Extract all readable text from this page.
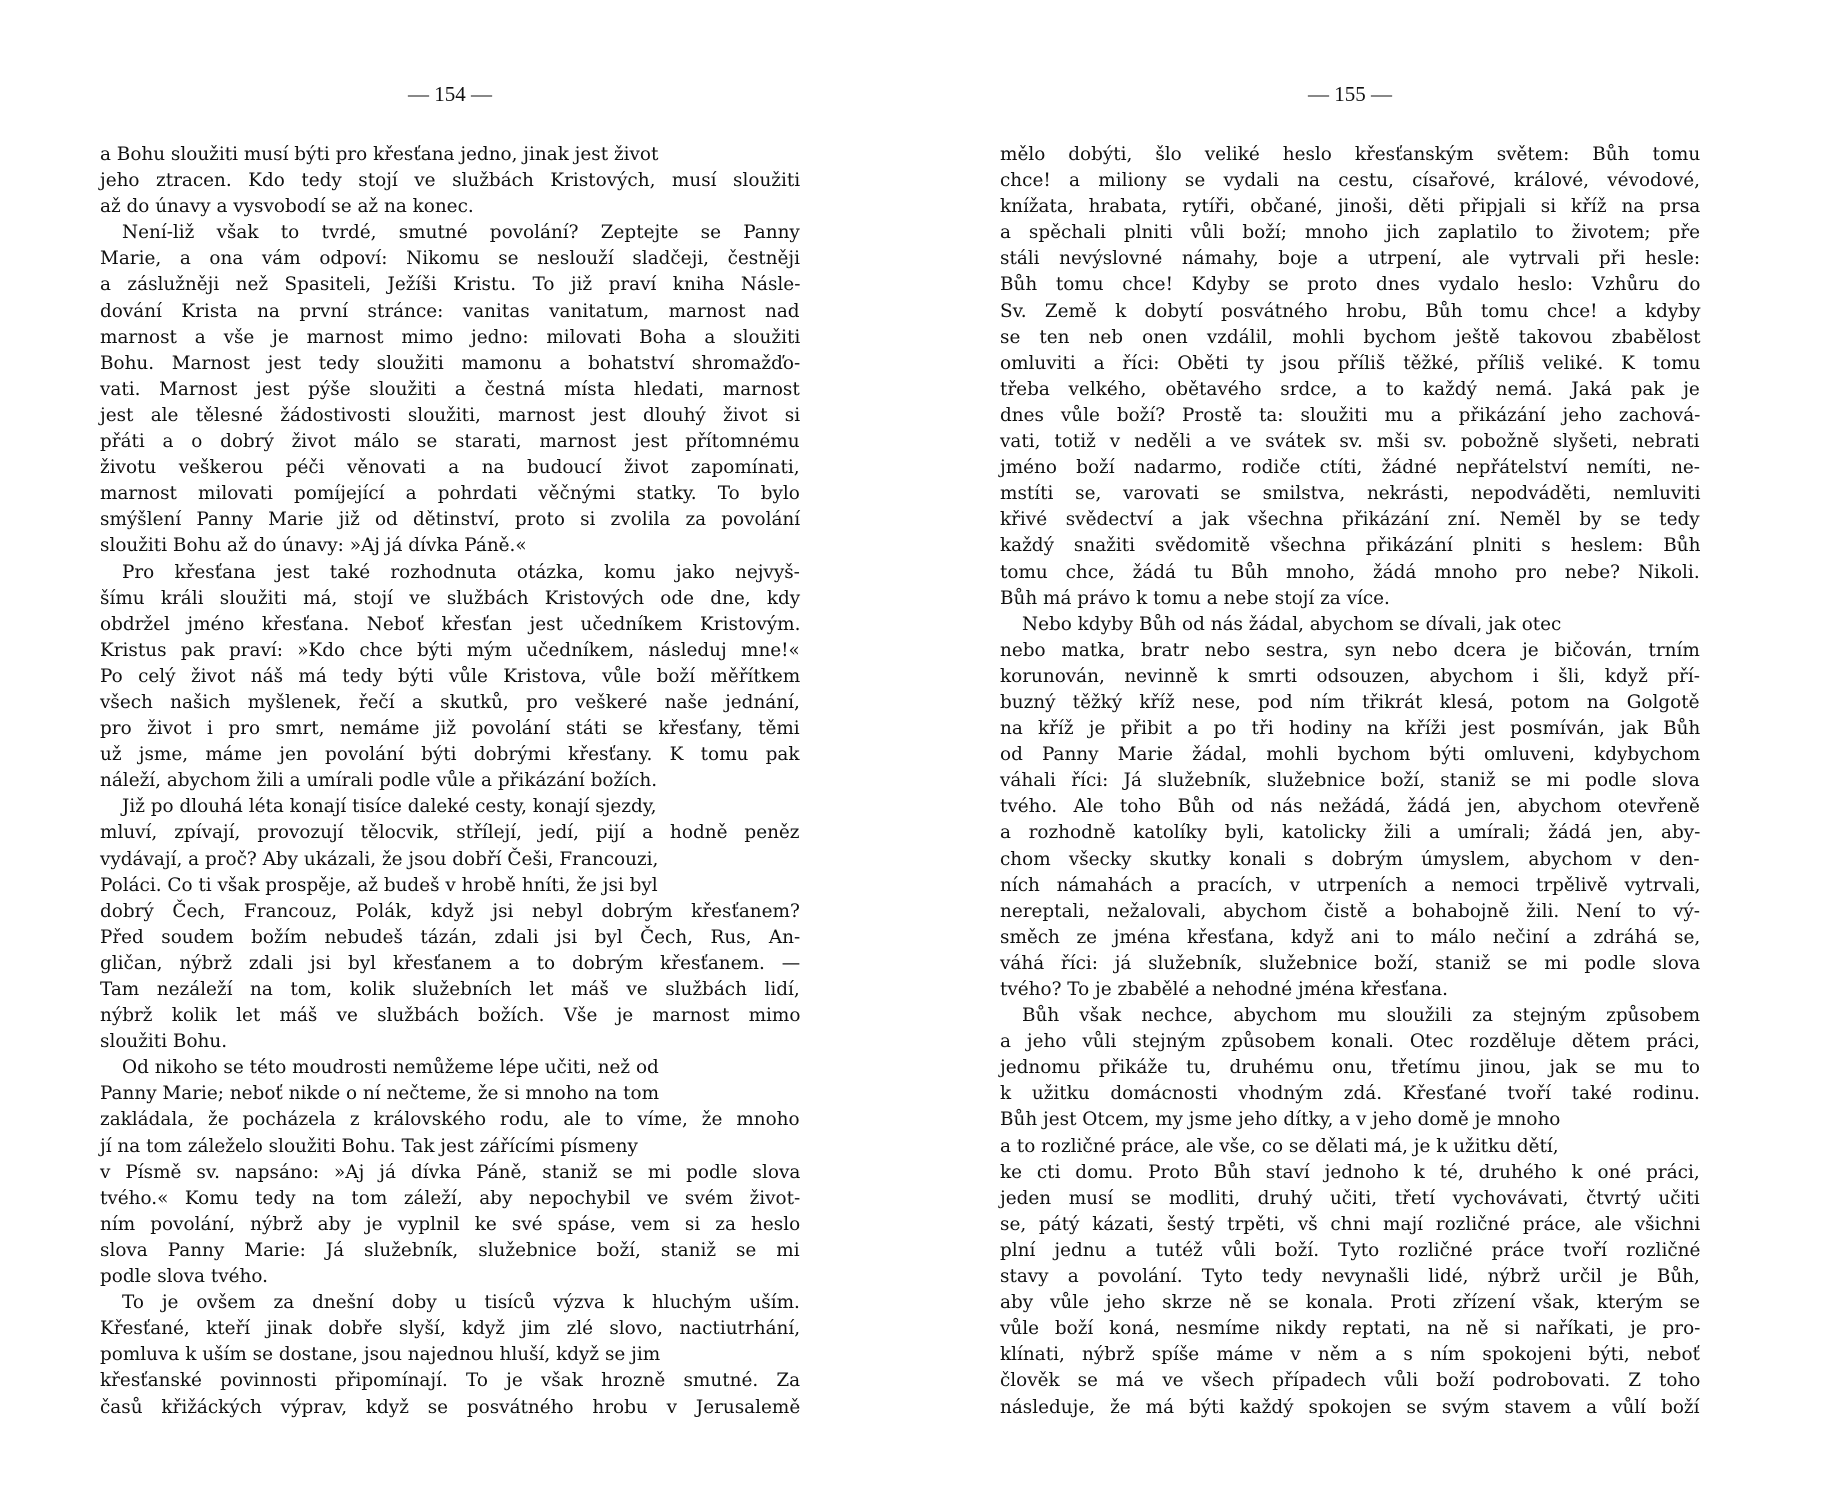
— 154 —
a Bohu sloužiti musí býti pro křesťana jedno, jinak jest život
jeho ztracen. Kdo tedy stojí ve službách Kristových, musí sloužiti
až do únavy a vysvobodí se až na konec.
Není-liž však to tvrdé, smutné povolání? Zeptejte se Panny
Marie, a ona vám odpoví: Nikomu se neslouží sladčeji, čestněji
a záslužněji než Spasiteli, Ježíši Kristu. To již praví kniha Násle-
dování Krista na první stránce: vanitas vanitatum, marnost nad
marnost a vše je marnost mimo jedno: milovati Boha a sloužiti
Bohu. Marnost jest tedy sloužiti mamonu a bohatství shromažďo-
vati. Marnost jest pýše sloužiti a čestná místa hledati, marnost
jest ale tělesné žádostivosti sloužiti, marnost jest dlouhý život si
přáti a o dobrý život málo se starati, marnost jest přítomnému
životu veškerou péči věnovati a na budoucí život zapomínati,
marnost milovati pomíjející a pohrdati věčnými statky. To bylo
smýšlení Panny Marie již od dětinství, proto si zvolila za povolání
sloužiti Bohu až do únavy: »Aj já dívka Páně.«
Pro křesťana jest také rozhodnuta otázka, komu jako nejvyš-
šímu králi sloužiti má, stojí ve službách Kristových ode dne, kdy
obdržel jméno křesťana. Neboť křesťan jest učedníkem Kristovým.
Kristus pak praví: »Kdo chce býti mým učedníkem, následuj mne!«
Po celý život náš má tedy býti vůle Kristova, vůle boží měřítkem
všech našich myšlenek, řečí a skutků, pro veškeré naše jednání,
pro život i pro smrt, nemáme již povolání státi se křesťany, těmi
už jsme, máme jen povolání býti dobrými křesťany. K tomu pak
náleží, abychom žili a umírali podle vůle a přikázání božích.
Již po dlouhá léta konají tisíce daleké cesty, konají sjezdy,
mluví, zpívají, provozují tělocvik, střílejí, jedí, pijí a hodně peněz
vydávají, a proč? Aby ukázali, že jsou dobří Češi, Francouzi,
Poláci. Co ti však prospěje, až budeš v hrobě hníti, že jsi byl
dobrý Čech, Francouz, Polák, když jsi nebyl dobrým křesťanem?
Před soudem božím nebudeš tázán, zdali jsi byl Čech, Rus, An-
gličan, nýbrž zdali jsi byl křesťanem a to dobrým křesťanem. —
Tam nezáleží na tom, kolik služebních let máš ve službách lidí,
nýbrž kolik let máš ve službách božích. Vše je marnost mimo
sloužiti Bohu.
Od nikoho se této moudrosti nemůžeme lépe učiti, než od
Panny Marie; neboť nikde o ní nečteme, že si mnoho na tom
zakládala, že pocházela z královského rodu, ale to víme, že mnoho
jí na tom záleželo sloužiti Bohu. Tak jest zářícími písmeny
v Písmě sv. napsáno: »Aj já dívka Páně, staniž se mi podle slova
tvého.« Komu tedy na tom záleží, aby nepochybil ve svém život-
ním povolání, nýbrž aby je vyplnil ke své spáse, vem si za heslo
slova Panny Marie: Já služebník, služebnice boží, staniž se mi
podle slova tvého.
To je ovšem za dnešní doby u tisíců výzva k hluchým uším.
Křesťané, kteří jinak dobře slyší, když jim zlé slovo, nactiutrhání,
pomluva k uším se dostane, jsou najednou hluší, když se jim
křesťanské povinnosti připomínají. To je však hrozně smutné. Za
časů křižáckých výprav, když se posvátného hrobu v Jerusalemě
— 155 —
mělo dobýti, šlo veliké heslo křesťanským světem: Bůh tomu
chce! a miliony se vydali na cestu, císařové, králové, vévodové,
knížata, hrabata, rytíři, občané, jinoši, děti připjali si kříž na prsa
a spěchali plniti vůli boží; mnoho jich zaplatilo to životem; pře
stáli nevýslovné námahy, boje a utrpení, ale vytrvali při hesle:
Bůh tomu chce! Kdyby se proto dnes vydalo heslo: Vzhůru do
Sv. Země k dobytí posvátného hrobu, Bůh tomu chce! a kdyby
se ten neb onen vzdálil, mohli bychom ještě takovou zbabělost
omluviti a říci: Oběti ty jsou příliš těžké, příliš veliké. K tomu
třeba velkého, obětavého srdce, a to každý nemá. Jaká pak je
dnes vůle boží? Prostě ta: sloužiti mu a přikázání jeho zachová-
vati, totiž v neděli a ve svátek sv. mši sv. pobožně slyšeti, nebrati
jméno boží nadarmo, rodiče ctíti, žádné nepřátelství nemíti, ne-
mstíti se, varovati se smilstva, nekrásti, nepodváděti, nemluviti
křivé svědectví a jak všechna přikázání zní. Neměl by se tedy
každý snažiti svědomitě všechna přikázání plniti s heslem: Bůh
tomu chce, žádá tu Bůh mnoho, žádá mnoho pro nebe? Nikoli.
Bůh má právo k tomu a nebe stojí za více.
Nebo kdyby Bůh od nás žádal, abychom se dívali, jak otec
nebo matka, bratr nebo sestra, syn nebo dcera je bičován, trním
korunován, nevinně k smrti odsouzen, abychom i šli, když pří-
buzný těžký kříž nese, pod ním třikrát klesá, potom na Golgotě
na kříž je přibit a po tři hodiny na kříži jest posmíván, jak Bůh
od Panny Marie žádal, mohli bychom býti omluveni, kdybychom
váhali říci: Já služebník, služebnice boží, staniž se mi podle slova
tvého. Ale toho Bůh od nás nežádá, žádá jen, abychom otevřeně
a rozhodně katolíky byli, katolicky žili a umírali; žádá jen, aby-
chom všecky skutky konali s dobrým úmyslem, abychom v den-
ních námahách a pracích, v utrpeních a nemoci trpělivě vytrvali,
nereptali, nežalovali, abychom čistě a bohabojně žili. Není to vý-
směch ze jména křesťana, když ani to málo nečiní a zdráhá se,
váhá říci: já služebník, služebnice boží, staniž se mi podle slova
tvého? To je zbabělé a nehodné jména křesťana.
Bůh však nechce, abychom mu sloužili za stejným způsobem
a jeho vůli stejným způsobem konali. Otec rozděluje dětem práci,
jednomu přikáže tu, druhému onu, třetímu jinou, jak se mu to
k užitku domácnosti vhodným zdá. Křesťané tvoří také rodinu.
Bůh jest Otcem, my jsme jeho dítky, a v jeho domě je mnoho
a to rozličné práce, ale vše, co se dělati má, je k užitku dětí,
ke cti domu. Proto Bůh staví jednoho k té, druhého k oné práci,
jeden musí se modliti, druhý učiti, třetí vychovávati, čtvrtý učiti
se, pátý kázati, šestý trpěti, vš chni mají rozličné práce, ale všichni
plní jednu a tutéž vůli boží. Tyto rozličné práce tvoří rozličné
stavy a povolání. Tyto tedy nevynašli lidé, nýbrž určil je Bůh,
aby vůle jeho skrze ně se konala. Proti zřízení však, kterým se
vůle boží koná, nesmíme nikdy reptati, na ně si naříkati, je pro-
klínati, nýbrž spíše máme v něm a s ním spokojeni býti, neboť
člověk se má ve všech případech vůli boží podrobovati. Z toho
následuje, že má býti každý spokojen se svým stavem a vůlí boží
